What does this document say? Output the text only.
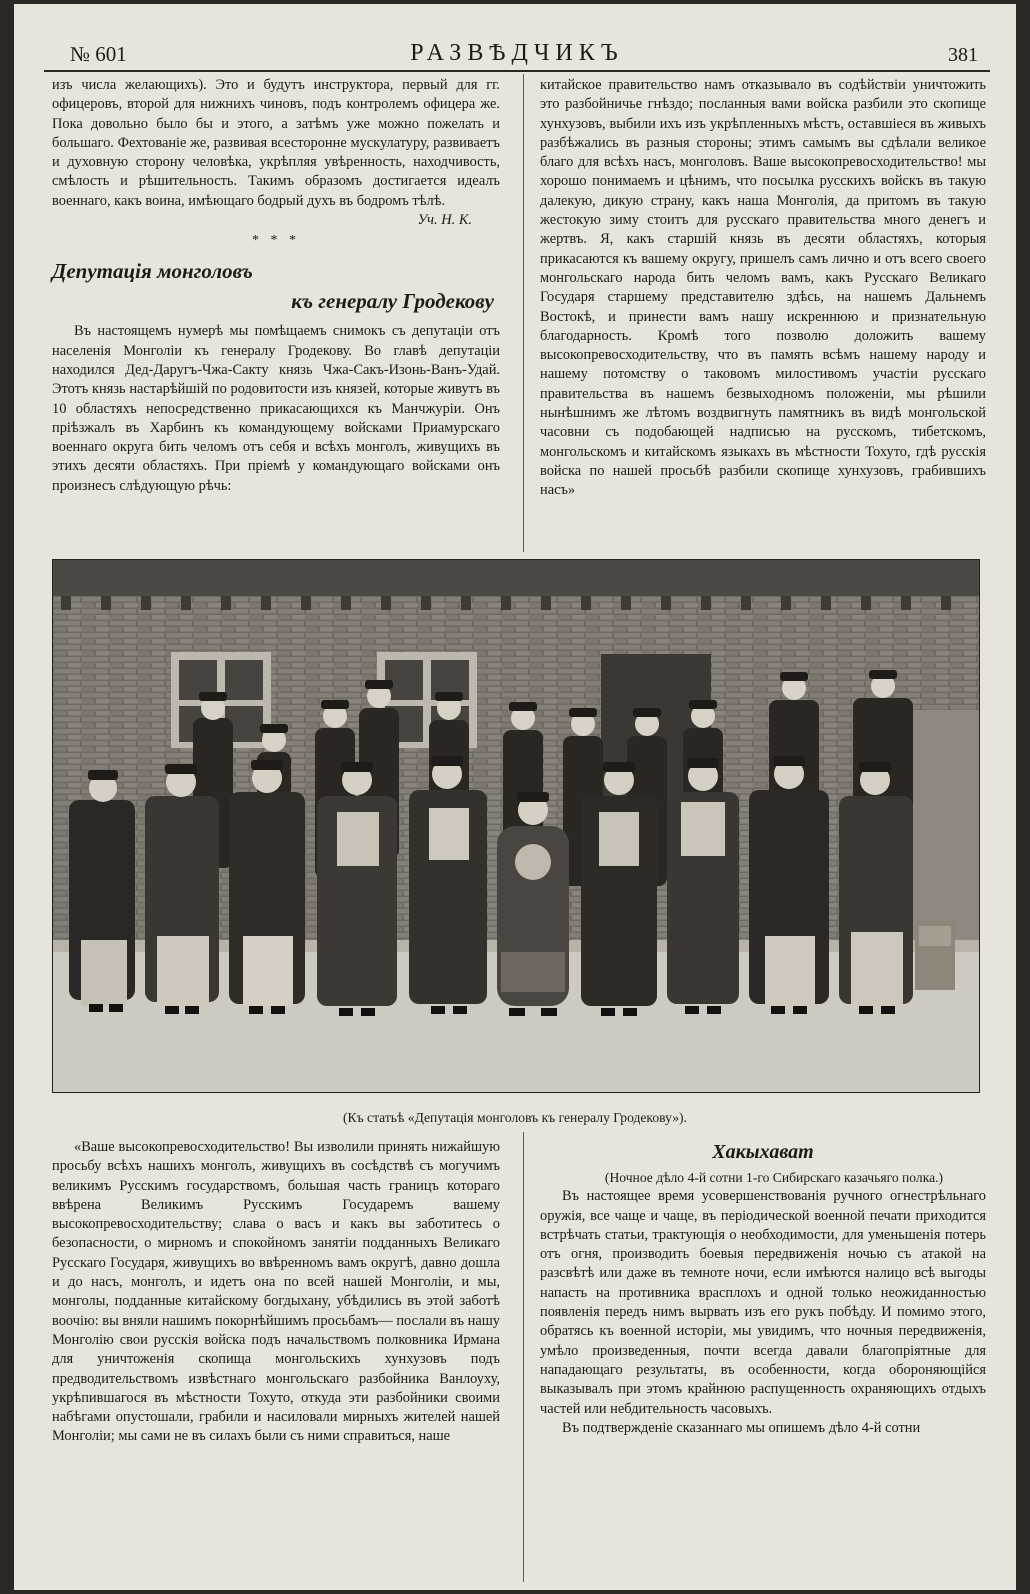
№ 601	РАЗВѢДЧИКЪ	381

изъ числа желающихъ). Это и будутъ инструктора, первый для гг. офицеровъ, второй для нижнихъ чиновъ, подъ контролемъ офицера же. Пока довольно было бы и этого, а затѣмъ уже можно пожелать и большаго. Фехтованіе же, развивая всесторонне мускулатуру, развиваетъ и духовную сторону человѣка, укрѣпляя увѣренность, находчивость, смѣлость и рѣшительность. Такимъ образомъ достигается идеалъ военнаго, какъ воина, имѣющаго бодрый духъ въ бодромъ тѣлѣ.

Уч. Н. К.
* * *
Депутація монголовъ
къ генералу Гродекову

Въ настоящемъ нумерѣ мы помѣщаемъ снимокъ съ депутаціи отъ населенія Монголіи къ генералу Гродекову. Во главѣ депутаціи находился Дед-Даругъ-Чжа-Сакту князь Чжа-Сакъ-Изонь-Ванъ-Удай. Этотъ князь настарѣйшій по родовитости изъ князей, которые живутъ въ 10 областяхъ непосредственно прикасающихся къ Манчжуріи. Онъ пріѣзжалъ въ Харбинъ къ командующему войсками Приамурскаго военнаго округа бить челомъ отъ себя и всѣхъ монголъ, живущихъ въ этихъ десяти областяхъ. При пріемѣ у командующаго войсками онъ произнесъ слѣдующую рѣчь:

китайское правительство намъ отказывало въ содѣйствіи уничтожить это разбойничье гнѣздо; посланныя вами войска разбили это скопище хунхузовъ, выбили ихъ изъ укрѣпленныхъ мѣстъ, оставшіеся въ живыхъ разбѣжались въ разныя стороны; этимъ самымъ вы сдѣлали великое благо для всѣхъ насъ, монголовъ. Ваше высокопревосходительство! мы хорошо понимаемъ и цѣнимъ, что посылка русскихъ войскъ въ такую далекую, дикую страну, какъ наша Монголія, да притомъ въ такую жестокую зиму стоитъ для русскаго правительства много денегъ и жертвъ. Я, какъ старшій князь въ десяти областяхъ, которыя прикасаются къ вашему округу, пришелъ самъ лично и отъ всего своего монгольскаго народа бить челомъ вамъ, какъ Русскаго Великаго Государя старшему представителю здѣсь, на нашемъ Дальнемъ Востокѣ, и принести вамъ нашу искреннюю и признательную благодарность. Кромѣ того позволю доложить вашему высокопревосходительству, что въ память всѣмъ нашему народу и нашему потомству о таковомъ милостивомъ участіи русскаго правительства въ нашемъ безвыходномъ положеніи, мы рѣшили нынѣшнимъ же лѣтомъ воздвигнуть памятникъ въ видѣ монгольской часовни съ подобающей надписью на русскомъ, тибетскомъ, монгольскомъ и китайскомъ языкахъ въ мѣстности Тохуто, гдѣ русскія войска по нашей просьбѣ разбили скопище хунхузовъ, грабившихъ насъ»

(Къ статьѣ «Депутація монголовъ къ генералу Гродекову»).

«Ваше высокопревосходительство! Вы изволили принять нижайшую просьбу всѣхъ нашихъ монголъ, живущихъ въ сосѣдствѣ съ могучимъ великимъ Русскимъ государствомъ, большая часть границъ котораго ввѣрена Великимъ Русскимъ Государемъ вашему высокопревосходительству; слава о васъ и какъ вы заботитесь о безопасности, о мирномъ и спокойномъ занятіи подданныхъ Великаго Русскаго Государя, живущихъ во ввѣренномъ вамъ округѣ, давно дошла и до насъ, монголъ, и идетъ она по всей нашей Монголіи, и мы, монголы, подданные китайскому богдыхану, убѣдились въ этой заботѣ воочію: вы вняли нашимъ покорнѣйшимъ просьбамъ— послали въ нашу Монголію свои русскія войска подъ начальствомъ полковника Ирмана для уничтоженія скопища монгольскихъ хунхузовъ подъ предводительствомъ извѣстнаго монгольскаго разбойника Ванлоуху, укрѣпившагося въ мѣстности Тохуто, откуда эти разбойники своими набѣгами опустошали, грабили и насиловали мирныхъ жителей нашей Монголіи; мы сами не въ силахъ были съ ними справиться, наше

Хакыхават

(Ночное дѣло 4-й сотни 1-го Сибирскаго казачьяго полка.)

Въ настоящее время усовершенствованія ручного огнестрѣльнаго оружія, все чаще и чаще, въ періодической военной печати приходится встрѣчать статьи, трактующія о необходимости, для уменьшенія потерь отъ огня, производить боевыя передвиженія ночью съ атакой на разсвѣтѣ или даже въ темноте ночи, если имѣются налицо всѣ выгоды напасть на противника врасплохъ и одной только неожиданностью появленія передъ нимъ вырвать изъ его рукъ побѣду. И помимо этого, обратясь къ военной исторіи, мы увидимъ, что ночныя передвиженія, умѣло произведенныя, почти всегда давали благопріятные для нападающаго результаты, въ особенности, когда обороняющійся выказывалъ при этомъ крайнюю распущенность охраняющихъ отдыхъ частей или небдительность часовыхъ.

Въ подтвержденіе сказаннаго мы опишемъ дѣло 4-й сотни
